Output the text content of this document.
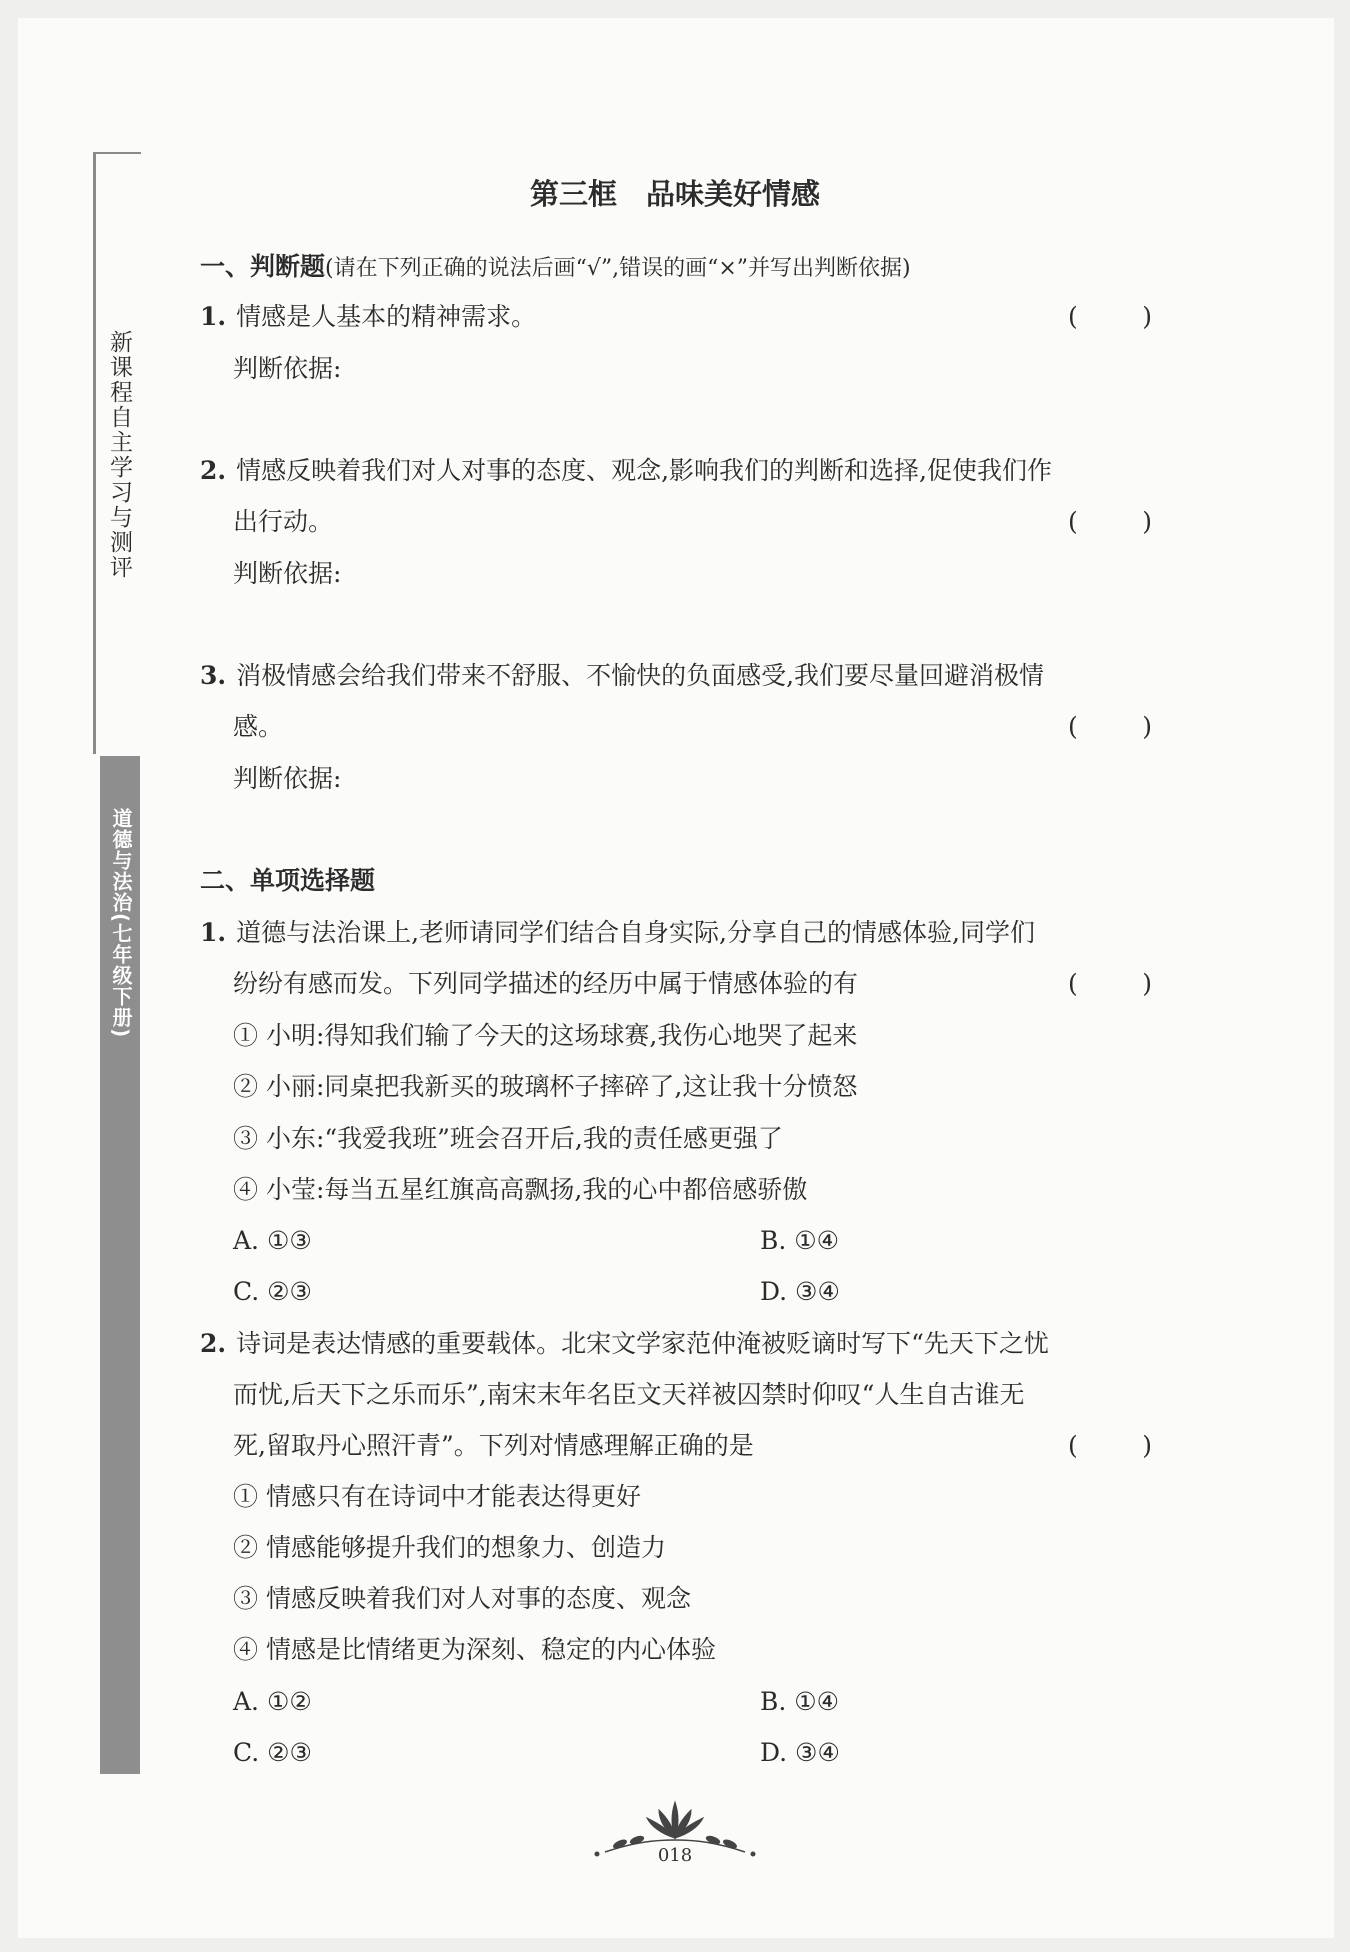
新课程自主学习与测评
道德与法治(七年级下册)
第三框　品味美好情感
一、判断题(请在下列正确的说法后画“√”,错误的画“×”并写出判断依据)
1. 情感是人基本的精神需求。	(	)
判断依据:
2. 情感反映着我们对人对事的态度、观念,影响我们的判断和选择,促使我们作
出行动。	(	)
判断依据:
3. 消极情感会给我们带来不舒服、不愉快的负面感受,我们要尽量回避消极情
感。	(	)
判断依据:
二、单项选择题
1. 道德与法治课上,老师请同学们结合自身实际,分享自己的情感体验,同学们
纷纷有感而发。下列同学描述的经历中属于情感体验的有	(	)
① 小明:得知我们输了今天的这场球赛,我伤心地哭了起来
② 小丽:同桌把我新买的玻璃杯子摔碎了,这让我十分愤怒
③ 小东:“我爱我班”班会召开后,我的责任感更强了
④ 小莹:每当五星红旗高高飘扬,我的心中都倍感骄傲
A. ①③	B. ①④
C. ②③	D. ③④
2. 诗词是表达情感的重要载体。北宋文学家范仲淹被贬谪时写下“先天下之忧
而忧,后天下之乐而乐”,南宋末年名臣文天祥被囚禁时仰叹“人生自古谁无
死,留取丹心照汗青”。下列对情感理解正确的是	(	)
① 情感只有在诗词中才能表达得更好
② 情感能够提升我们的想象力、创造力
③ 情感反映着我们对人对事的态度、观念
④ 情感是比情绪更为深刻、稳定的内心体验
A. ①②	B. ①④
C. ②③	D. ③④
018
